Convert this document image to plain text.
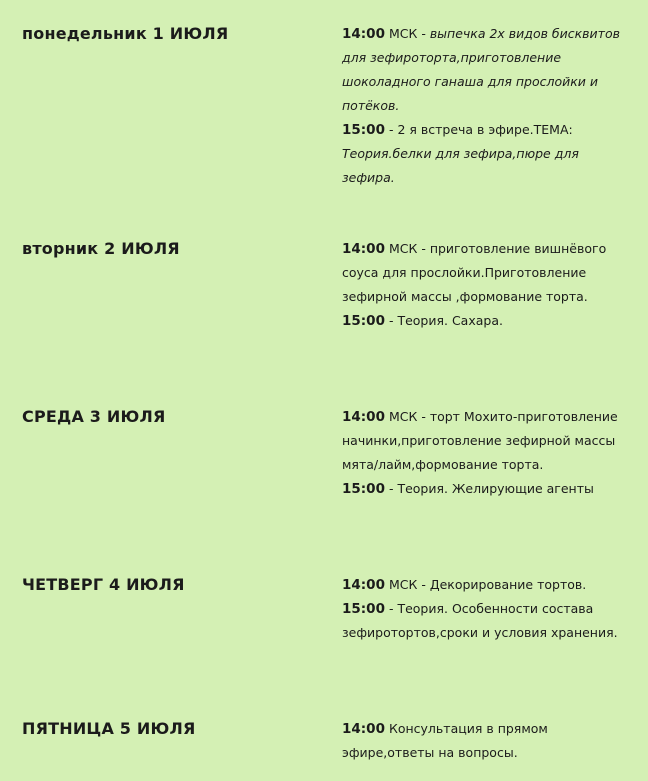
понедельник 1 ИЮЛЯ	14:00 МСК - выпечка 2х видов бисквитов для зефироторта,приготовление шоколадного ганаша для прослойки и потёков.
15:00 - 2 я встреча в эфире.ТЕМА:
Теория.белки для зефира,пюре для зефира.
вторник 2 ИЮЛЯ	14:00 МСК - приготовление вишнёвого соуса для прослойки.Приготовление зефирной массы ,формование торта.
15:00 - Теория. Сахара.
СРЕДА 3 ИЮЛЯ	14:00 МСК - торт Мохито-приготовление начинки,приготовление зефирной массы мята/лайм,формование торта.
15:00 - Теория. Желирующие агенты
ЧЕТВЕРГ 4 ИЮЛЯ	14:00 МСК - Декорирование тортов.
15:00 - Теория. Особенности состава зефиротортов,сроки и условия хранения.
ПЯТНИЦА 5 ИЮЛЯ	14:00 Консультация в прямом эфире,ответы на вопросы.
